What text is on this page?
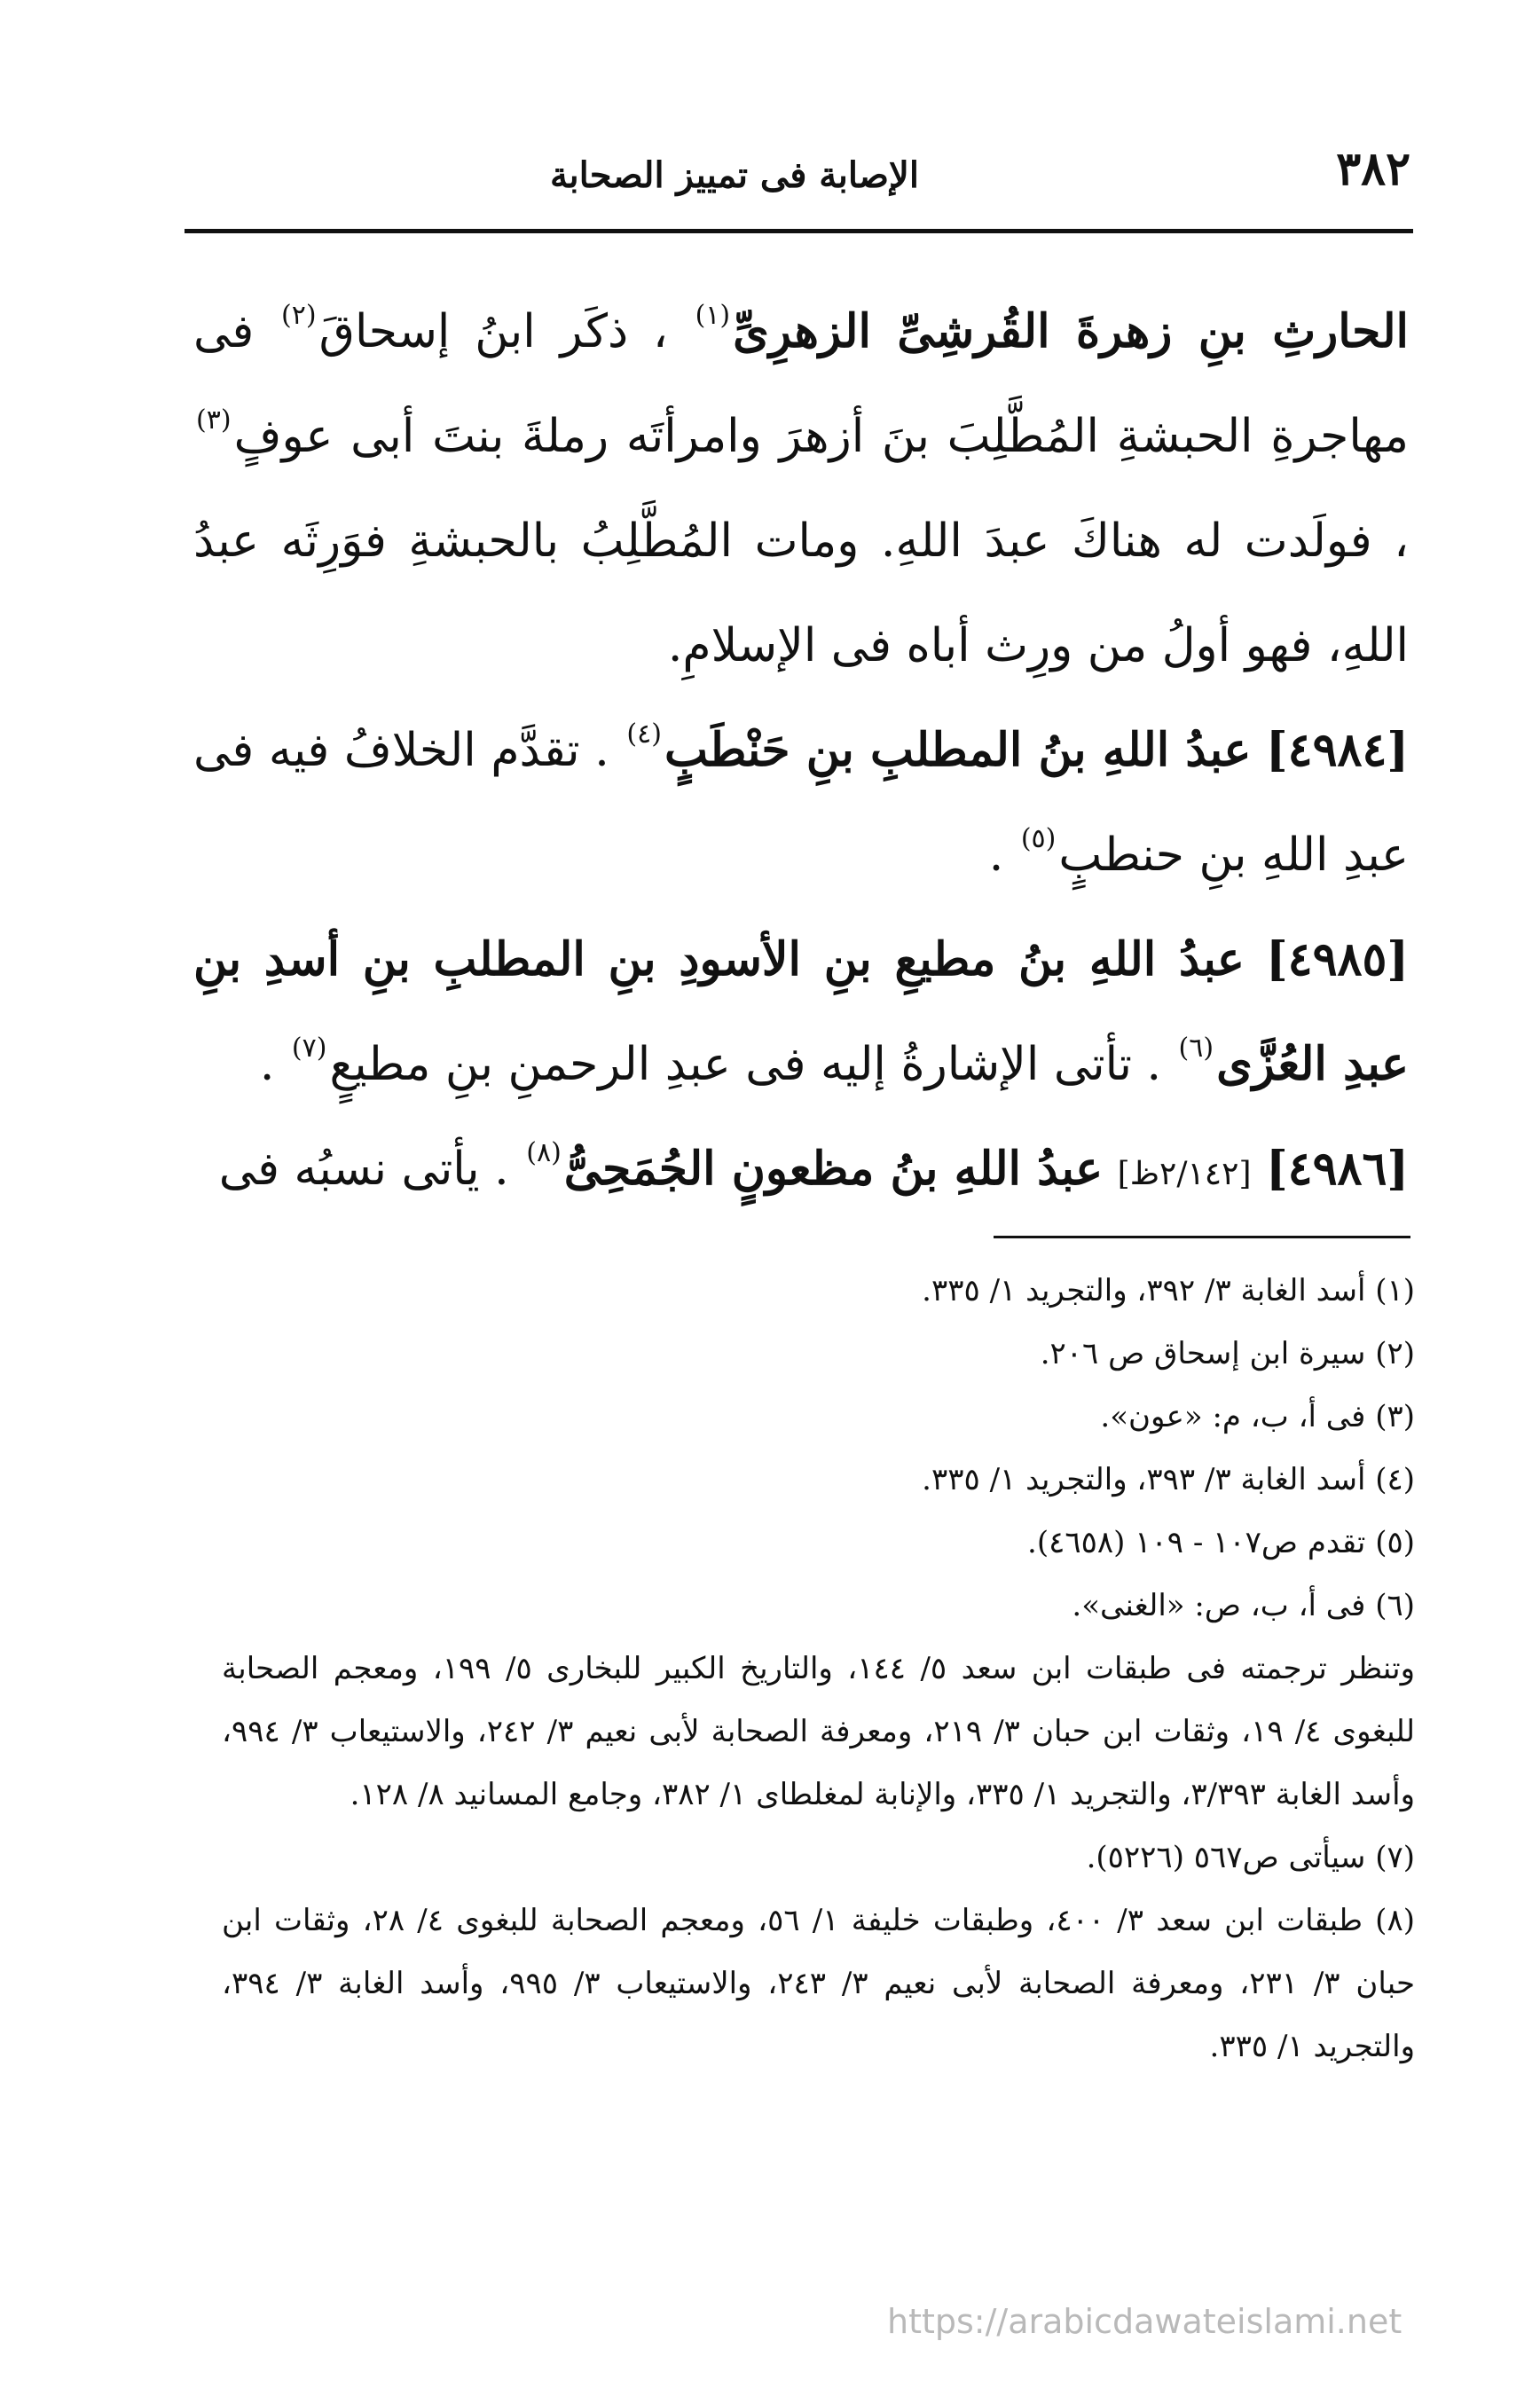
٣٨٢
الإصابة فى تمييز الصحابة

الحارثِ بنِ زهرةَ القُرشِىِّ الزهرِىِّ$^{(١)}$ ، ذكَر ابنُ إسحاقَ$^{(٢)}$ فى مهاجرةِ الحبشةِ المُطَّلِبَ بنَ أزهرَ وامرأتَه رملةَ بنتَ أبى عوفٍ$^{(٣)}$ ، فولَدت له هناكَ عبدَ اللهِ. ومات المُطَّلِبُ بالحبشةِ فوَرِثَه عبدُ اللهِ، فهو أولُ من ورِث أباه فى الإسلامِ.

[٤٩٨٤] عبدُ اللهِ بنُ المطلبِ بنِ حَنْطَبٍ$^{(٤)}$ . تقدَّم الخلافُ فيه فى عبدِ اللهِ بنِ حنطبٍ$^{(٥)}$ .

[٤٩٨٥] عبدُ اللهِ بنُ مطيعِ بنِ الأسودِ بنِ المطلبِ بنِ أسدِ بنِ عبدِ العُزَّى$^{(٦)}$ . تأتى الإشارةُ إليه فى عبدِ الرحمنِ بنِ مطيعٍ$^{(٧)}$ .

[٤٩٨٦] [٢/١٤٢ظ] عبدُ اللهِ بنُ مظعونٍ الجُمَحِىُّ$^{(٨)}$ . يأتى نسبُه فى

(١) أسد الغابة ٣/ ٣٩٢، والتجريد ١/ ٣٣٥.

(٢) سيرة ابن إسحاق ص ٢٠٦.

(٣) فى أ، ب، م: «عون».

(٤) أسد الغابة ٣/ ٣٩٣، والتجريد ١/ ٣٣٥.

(٥) تقدم ص١٠٧ - ١٠٩ (٤٦٥٨).

(٦) فى أ، ب، ص: «الغنى».

وتنظر ترجمته فى طبقات ابن سعد ٥/ ١٤٤، والتاريخ الكبير للبخارى ٥/ ١٩٩، ومعجم الصحابة للبغوى ٤/ ١٩، وثقات ابن حبان ٣/ ٢١٩، ومعرفة الصحابة لأبى نعيم ٣/ ٢٤٢، والاستيعاب ٣/ ٩٩٤، وأسد الغابة ٣/٣٩٣، والتجريد ١/ ٣٣٥، والإنابة لمغلطاى ١/ ٣٨٢، وجامع المسانيد ٨/ ١٢٨.

(٧) سيأتى ص٥٦٧ (٥٢٢٦).

(٨) طبقات ابن سعد ٣/ ٤٠٠، وطبقات خليفة ١/ ٥٦، ومعجم الصحابة للبغوى ٤/ ٢٨، وثقات ابن حبان ٣/ ٢٣١، ومعرفة الصحابة لأبى نعيم ٣/ ٢٤٣، والاستيعاب ٣/ ٩٩٥، وأسد الغابة ٣/ ٣٩٤، والتجريد ١/ ٣٣٥.

https://arabicdawateislami.net
